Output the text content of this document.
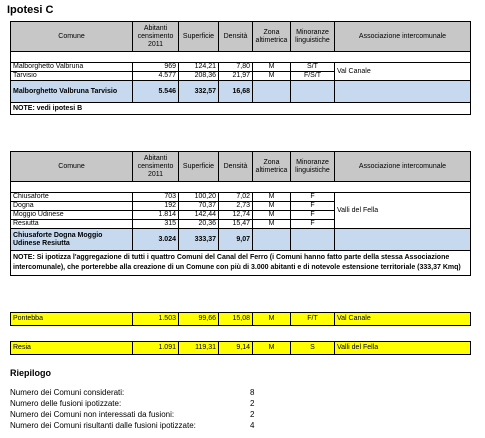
Ipotesi C
Comune	Abitanti censimento 2011	Superficie	Densità	Zona altimetrica	Minoranze linguistiche	Associazione intercomunale

Malborghetto Valbruna	969	124,21	7,80	M	S/T	Val Canale
Tarvisio	4.577	208,36	21,97	M	F/S/T	
Malborghetto Valbruna Tarvisio	5.546	332,57	16,68			
NOTE: vedi ipotesi B						
Comune	Abitanti censimento 2011	Superficie	Densità	Zona altimetrica	Minoranze linguistiche	Associazione intercomunale

Chiusaforte	703	100,20	7,02	M	F	Valli del Fella
Dogna	192	70,37	2,73	M	F	
Moggio Udinese	1.814	142,44	12,74	M	F	
Resiutta	315	20,36	15,47	M	F	
Chiusaforte Dogna Moggio Udinese Resiutta	3.024	333,37	9,07			
NOTE: Si ipotizza l'aggregazione di tutti i quattro Comuni del Canal del Ferro (i Comuni hanno fatto parte della stessa Associazione intercomunale), che porterebbe alla creazione di un Comune con più di 3.000 abitanti e di notevole estensione territoriale (333,37 Kmq)						
Pontebba	1.503	99,66	15,08	M	F/T	Val Canale
Resia	1.091	119,31	9,14	M	S	Valli del Fella
Riepilogo
Numero dei Comuni considerati:	8
Numero delle fusioni ipotizzate:	2
Numero dei Comuni non interessati da fusioni:	2
Numero dei Comuni risultanti dalle fusioni ipotizzate:	4
